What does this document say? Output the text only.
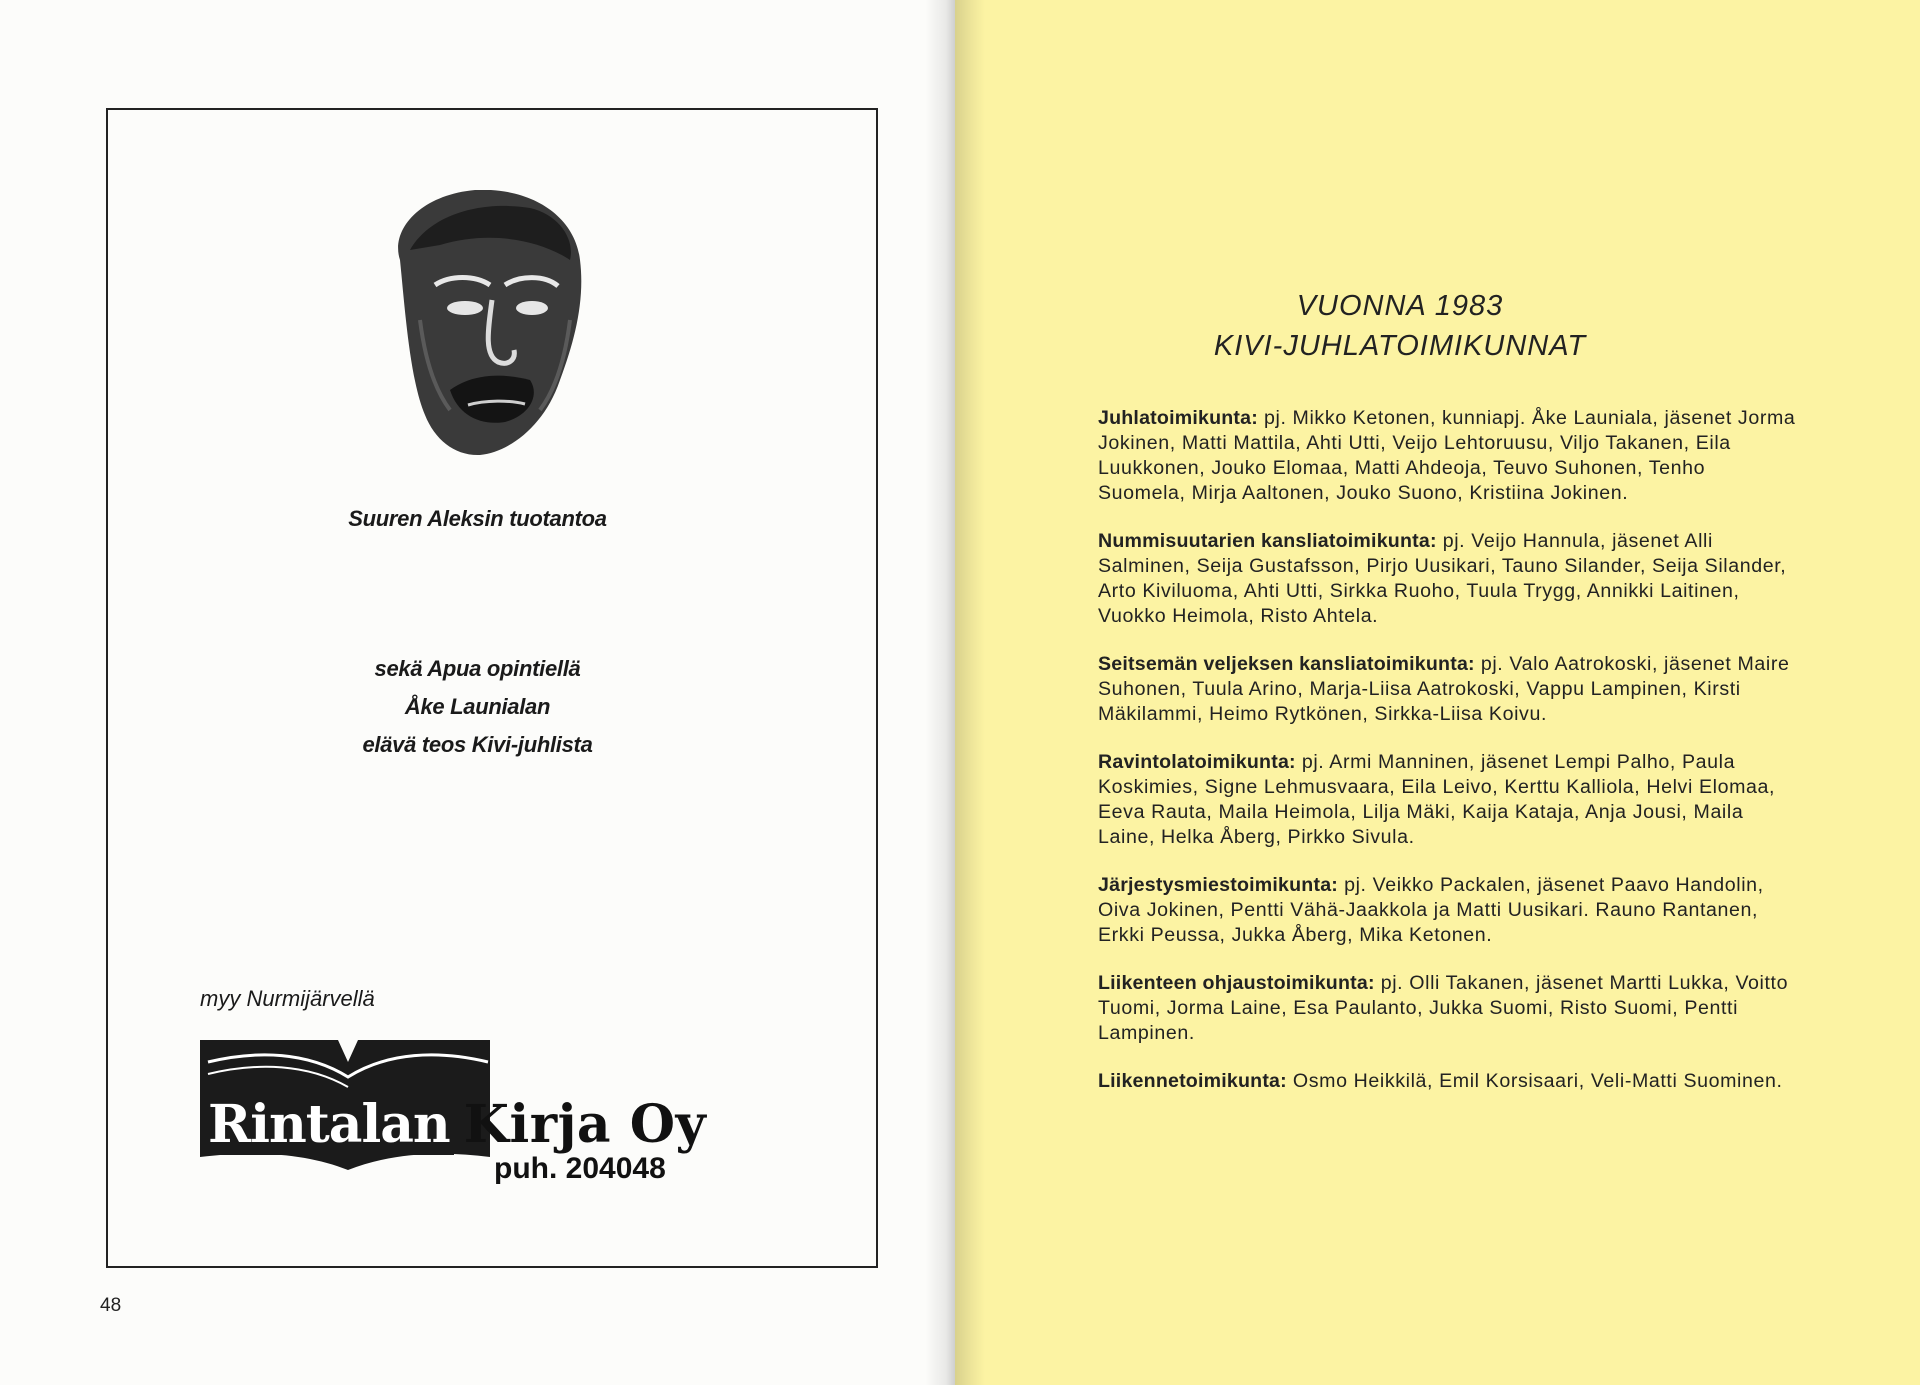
Suuren Aleksin tuotantoa
sekä Apua opintiellä
Åke Launialan
elävä teos Kivi-juhlista
myy Nurmijärvellä
Rintalan Kirja Oy
puh. 204048
48
VUONNA 1983
KIVI-JUHLATOIMIKUNNAT

Juhlatoimikunta: pj. Mikko Ketonen, kunniapj. Åke Launiala, jäsenet Jorma Jokinen, Matti Mattila, Ahti Utti, Veijo Lehtoruusu, Viljo Takanen, Eila Luukkonen, Jouko Elomaa, Matti Ahdeoja, Teuvo Suhonen, Tenho Suomela, Mirja Aaltonen, Jouko Suono, Kristiina Jokinen.

Nummisuutarien kansliatoimikunta: pj. Veijo Hannula, jäsenet Alli Salminen, Seija Gustafsson, Pirjo Uusikari, Tauno Silander, Seija Silander, Arto Kiviluoma, Ahti Utti, Sirkka Ruoho, Tuula Trygg, Annikki Laitinen, Vuokko Heimola, Risto Ahtela.

Seitsemän veljeksen kansliatoimikunta: pj. Valo Aatrokoski, jäsenet Maire Suhonen, Tuula Arino, Marja-Liisa Aatrokoski, Vappu Lampinen, Kirsti Mäkilammi, Heimo Rytkönen, Sirkka-Liisa Koivu.

Ravintolatoimikunta: pj. Armi Manninen, jäsenet Lempi Palho, Paula Koskimies, Signe Lehmusvaara, Eila Leivo, Kerttu Kalliola, Helvi Elomaa, Eeva Rauta, Maila Heimola, Lilja Mäki, Kaija Kataja, Anja Jousi, Maila Laine, Helka Åberg, Pirkko Sivula.

Järjestysmiestoimikunta: pj. Veikko Packalen, jäsenet Paavo Handolin, Oiva Jokinen, Pentti Vähä-Jaakkola ja Matti Uusikari. Rauno Rantanen, Erkki Peussa, Jukka Åberg, Mika Ketonen.

Liikenteen ohjaustoimikunta: pj. Olli Takanen, jäsenet Martti Lukka, Voitto Tuomi, Jorma Laine, Esa Paulanto, Jukka Suomi, Risto Suomi, Pentti Lampinen.

Liikennetoimikunta: Osmo Heikkilä, Emil Korsisaari, Veli-Matti Suominen.
